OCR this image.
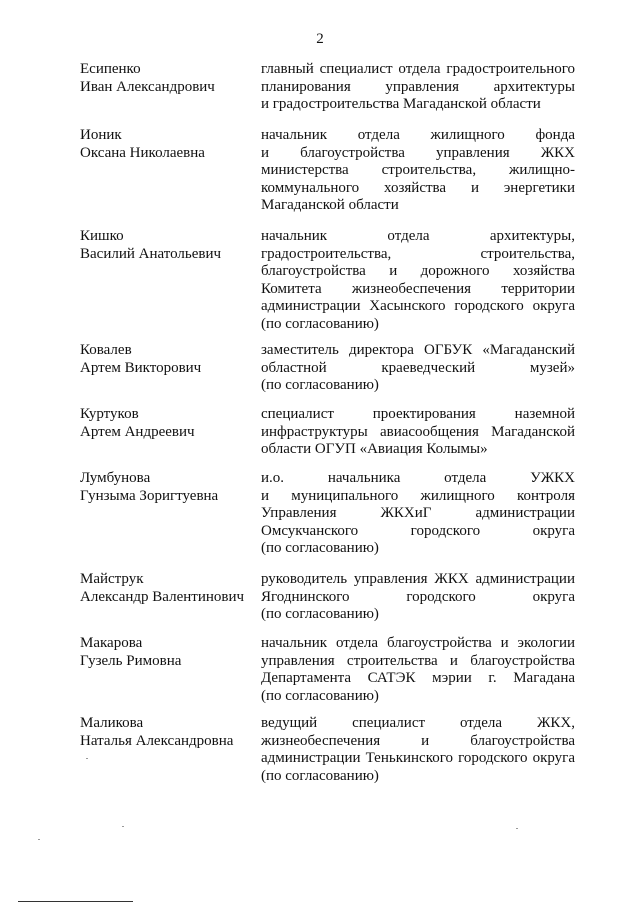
2
Есипенко
Иван Александрович
главный специалист отдела градостроительного
планирования управления архитектуры
и градостроительства Магаданской области
Ионик
Оксана Николаевна
начальник отдела жилищного фонда
и благоустройства управления ЖКХ
министерства строительства, жилищно-
коммунального хозяйства и энергетики
Магаданской области
Кишко
Василий Анатольевич
начальник отдела архитектуры,
градостроительства, строительства,
благоустройства и дорожного хозяйства
Комитета жизнеобеспечения территории
администрации Хасынского городского округа
(по согласованию)
Ковалев
Артем Викторович
заместитель директора ОГБУК «Магаданский
областной краеведческий музей»
(по согласованию)
Куртуков
Артем Андреевич
специалист проектирования наземной
инфраструктуры авиасообщения Магаданской
области ОГУП «Авиация Колымы»
Лумбунова
Гунзыма Зоригтуевна
и.о. начальника отдела УЖКХ
и муниципального жилищного контроля
Управления ЖКХиГ администрации
Омсукчанского городского округа
(по согласованию)
Майструк
Александр Валентинович
руководитель управления ЖКХ администрации
Ягоднинского городского округа
(по согласованию)
Макарова
Гузель Римовна
начальник отдела благоустройства и экологии
управления строительства и благоустройства
Департамента САТЭК мэрии г. Магадана
(по согласованию)
Маликова
Наталья Александровна
ведущий специалист отдела ЖКХ,
жизнеобеспечения и благоустройства
администрации Тенькинского городского округа
(по согласованию)
